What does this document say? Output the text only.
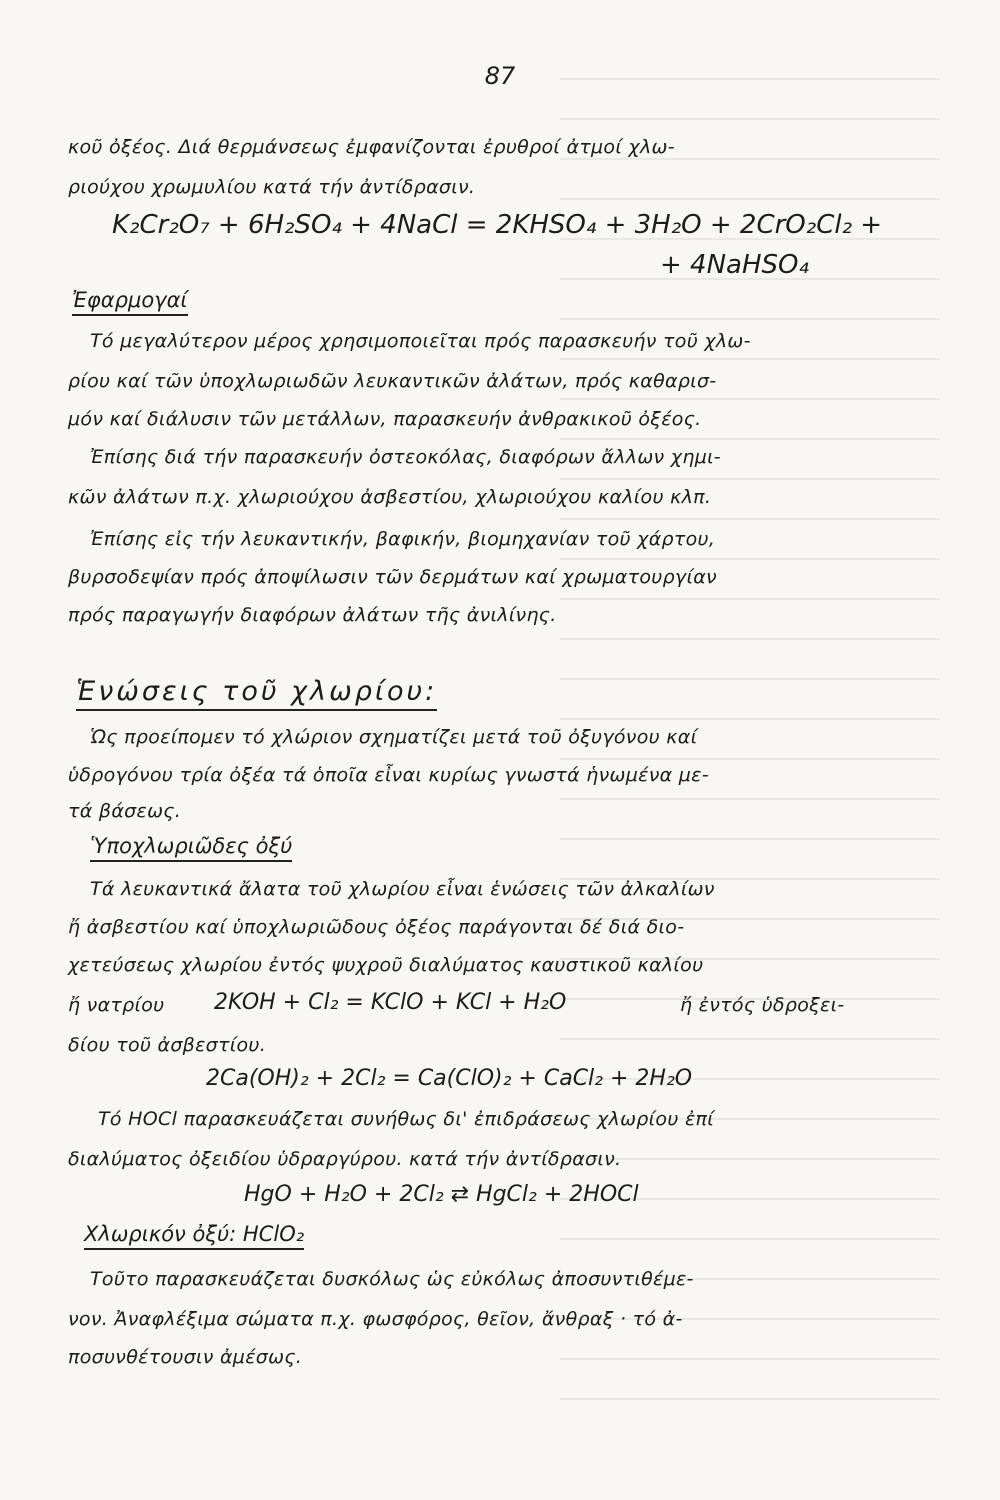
87
κοῦ ὀξέος. Διά θερμάνσεως ἐμφανίζονται ἐρυθροί ἀτμοί χλω-
ριούχου χρωμυλίου κατά τήν ἀντίδρασιν.
K₂Cr₂O₇ + 6H₂SO₄ + 4NaCl = 2KHSO₄ + 3H₂O + 2CrO₂Cl₂ +
+ 4NaHSO₄
Ἐφαρμογαί
Τό μεγαλύτερον μέρος χρησιμοποιεῖται πρός παρασκευήν τοῦ χλω-
ρίου καί τῶν ὑποχλωριωδῶν λευκαντικῶν ἀλάτων, πρός καθαρισ-
μόν καί διάλυσιν τῶν μετάλλων, παρασκευήν ἀνθρακικοῦ ὀξέος.
Ἐπίσης διά τήν παρασκευήν ὀστεοκόλας, διαφόρων ἄλλων χημι-
κῶν ἀλάτων π.χ. χλωριούχου ἀσβεστίου, χλωριούχου καλίου κλπ.
Ἐπίσης εἰς τήν λευκαντικήν, βαφικήν, βιομηχανίαν τοῦ χάρτου,
βυρσοδεψίαν πρός ἀποψίλωσιν τῶν δερμάτων καί χρωματουργίαν
πρός παραγωγήν διαφόρων ἀλάτων τῆς ἀνιλίνης.
Ἑνώσεις τοῦ χλωρίου:
Ὡς προείπομεν τό χλώριον σχηματίζει μετά τοῦ ὀξυγόνου καί
ὑδρογόνου τρία ὀξέα τά ὁποῖα εἶναι κυρίως γνωστά ἡνωμένα με-
τά βάσεως.
Ὑποχλωριῶδες ὀξύ
Τά λευκαντικά ἄλατα τοῦ χλωρίου εἶναι ἑνώσεις τῶν ἀλκαλίων
ἤ ἀσβεστίου καί ὑποχλωριῶδους ὀξέος παράγονται δέ διά διο-
χετεύσεως χλωρίου ἐντός ψυχροῦ διαλύματος καυστικοῦ καλίου
ἤ νατρίου 2KOH + Cl₂ = KClO + KCl + H₂O	ἤ ἐντός ὑδροξει-
δίου τοῦ ἀσβεστίου.
2Ca(OH)₂ + 2Cl₂ = Ca(ClO)₂ + CaCl₂ + 2H₂O
Τό HOCl παρασκευάζεται συνήθως δι' ἐπιδράσεως χλωρίου ἐπί
διαλύματος ὀξειδίου ὑδραργύρου. κατά τήν ἀντίδρασιν.
HgO + H₂O + 2Cl₂ ⇄ HgCl₂ + 2HOCl
Χλωρικόν ὀξύ: HClO₂
Τοῦτο παρασκευάζεται δυσκόλως ὡς εὐκόλως ἀποσυντιθέμε-
νον. Ἀναφλέξιμα σώματα π.χ. φωσφόρος, θεῖον, ἄνθραξ · τό ἀ-
ποσυνθέτουσιν ἀμέσως.
